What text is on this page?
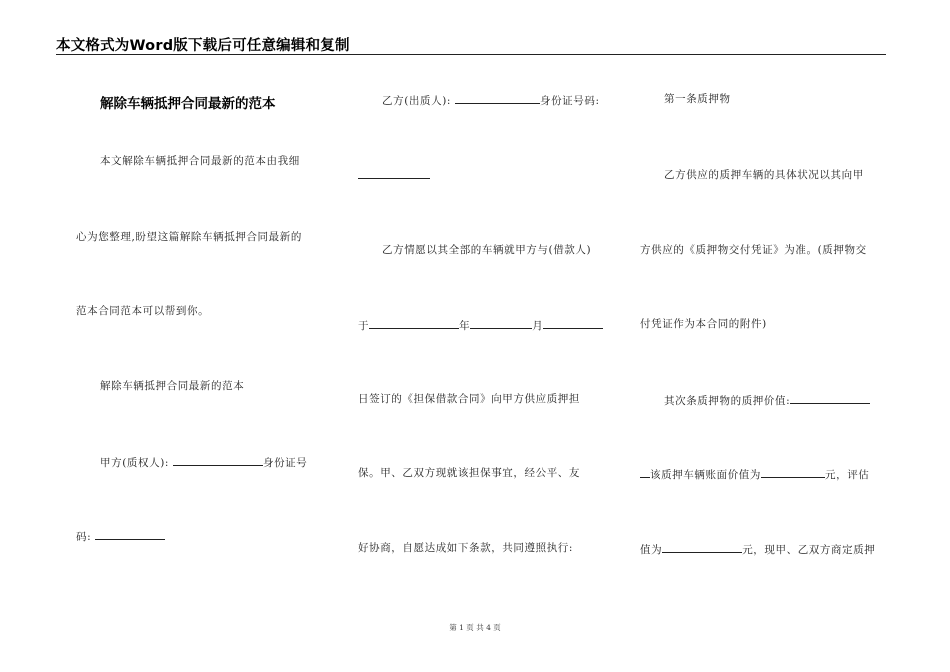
本文格式为Word版下载后可任意编辑和复制
解除车辆抵押合同最新的范本
本文解除车辆抵押合同最新的范本由我细
心为您整理,盼望这篇解除车辆抵押合同最新的
范本合同范本可以帮到你。
解除车辆抵押合同最新的范本
甲方(质权人):	身份证号
码:
乙方(出质人):	身份证号码:
乙方情愿以其全部的车辆就甲方与(借款人)
于	年	月
日签订的《担保借款合同》向甲方供应质押担
保。甲、乙双方现就该担保事宜，经公平、友
好协商，自愿达成如下条款，共同遵照执行:
第一条质押物
乙方供应的质押车辆的具体状况以其向甲
方供应的《质押物交付凭证》为准。(质押物交
付凭证作为本合同的附件)
其次条质押物的质押价值:
该质押车辆账面价值为	元，评估
值为	元，现甲、乙双方商定质押
第 1 页 共 4 页
